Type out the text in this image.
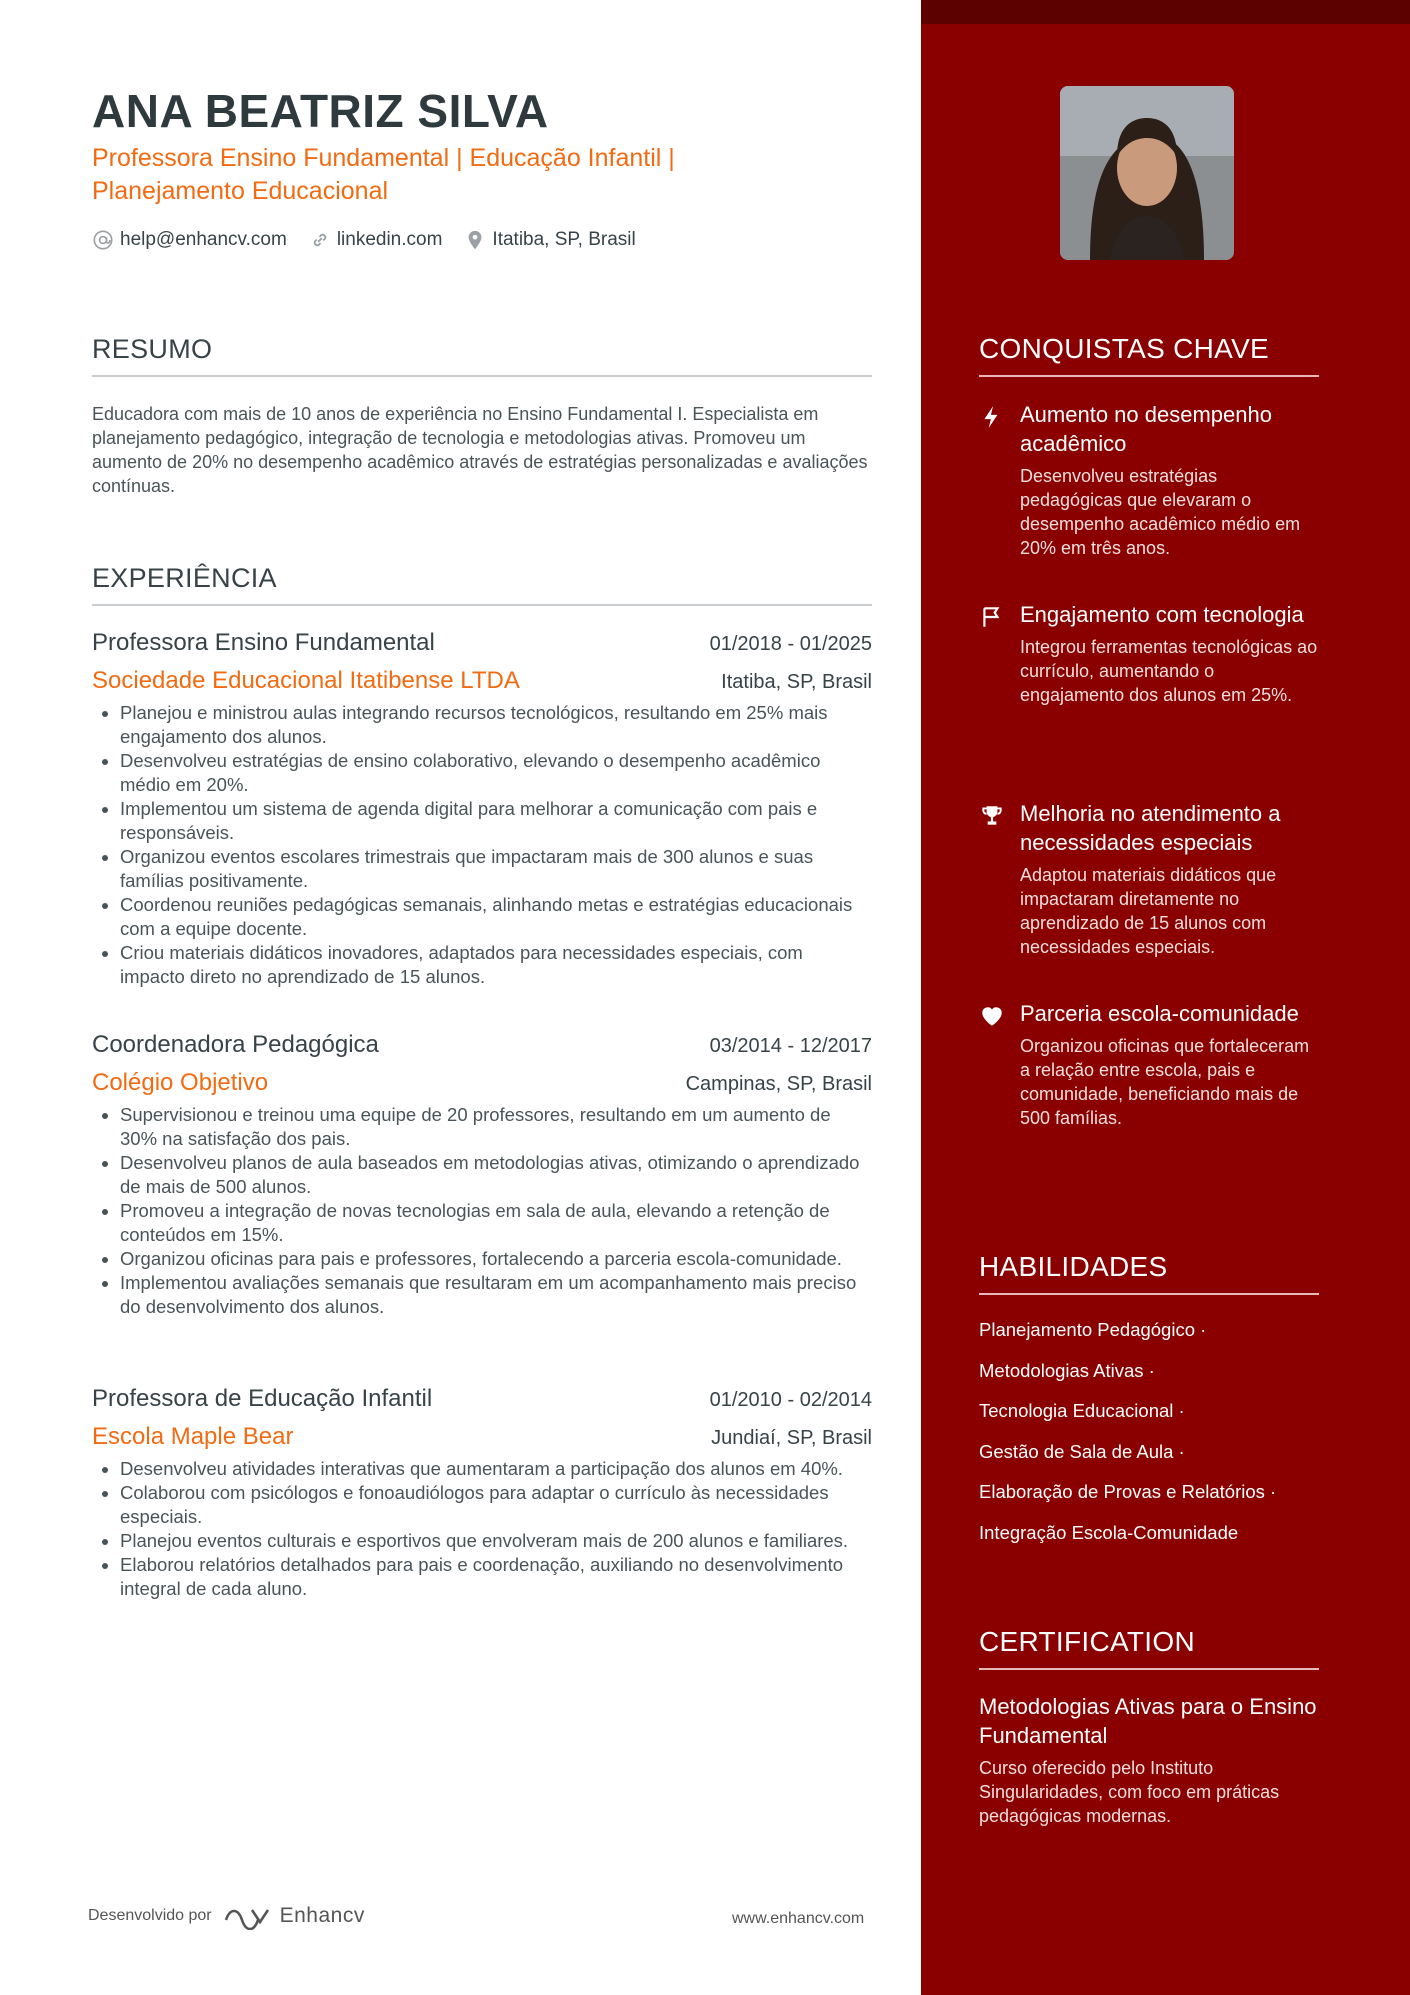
ANA BEATRIZ SILVA
Professora Ensino Fundamental | Educação Infantil | Planejamento Educacional
help@enhancv.com	linkedin.com	Itatiba, SP, Brasil
RESUMO
Educadora com mais de 10 anos de experiência no Ensino Fundamental I. Especialista em planejamento pedagógico, integração de tecnologia e metodologias ativas. Promoveu um aumento de 20% no desempenho acadêmico através de estratégias personalizadas e avaliações contínuas.
EXPERIÊNCIA
Professora Ensino Fundamental	01/2018 - 01/2025
Sociedade Educacional Itatibense LTDA	Itatiba, SP, Brasil
• Planejou e ministrou aulas integrando recursos tecnológicos, resultando em 25% mais engajamento dos alunos.
• Desenvolveu estratégias de ensino colaborativo, elevando o desempenho acadêmico médio em 20%.
• Implementou um sistema de agenda digital para melhorar a comunicação com pais e responsáveis.
• Organizou eventos escolares trimestrais que impactaram mais de 300 alunos e suas famílias positivamente.
• Coordenou reuniões pedagógicas semanais, alinhando metas e estratégias educacionais com a equipe docente.
• Criou materiais didáticos inovadores, adaptados para necessidades especiais, com impacto direto no aprendizado de 15 alunos.
Coordenadora Pedagógica	03/2014 - 12/2017
Colégio Objetivo	Campinas, SP, Brasil
• Supervisionou e treinou uma equipe de 20 professores, resultando em um aumento de 30% na satisfação dos pais.
• Desenvolveu planos de aula baseados em metodologias ativas, otimizando o aprendizado de mais de 500 alunos.
• Promoveu a integração de novas tecnologias em sala de aula, elevando a retenção de conteúdos em 15%.
• Organizou oficinas para pais e professores, fortalecendo a parceria escola-comunidade.
• Implementou avaliações semanais que resultaram em um acompanhamento mais preciso do desenvolvimento dos alunos.
Professora de Educação Infantil	01/2010 - 02/2014
Escola Maple Bear	Jundiaí, SP, Brasil
• Desenvolveu atividades interativas que aumentaram a participação dos alunos em 40%.
• Colaborou com psicólogos e fonoaudiólogos para adaptar o currículo às necessidades especiais.
• Planejou eventos culturais e esportivos que envolveram mais de 200 alunos e familiares.
• Elaborou relatórios detalhados para pais e coordenação, auxiliando no desenvolvimento integral de cada aluno.
Desenvolvido por	Enhancv	www.enhancv.com
CONQUISTAS CHAVE
Aumento no desempenho acadêmico
Desenvolveu estratégias pedagógicas que elevaram o desempenho acadêmico médio em 20% em três anos.
Engajamento com tecnologia
Integrou ferramentas tecnológicas ao currículo, aumentando o engajamento dos alunos em 25%.
Melhoria no atendimento a necessidades especiais
Adaptou materiais didáticos que impactaram diretamente no aprendizado de 15 alunos com necessidades especiais.
Parceria escola-comunidade
Organizou oficinas que fortaleceram a relação entre escola, pais e comunidade, beneficiando mais de 500 famílias.
HABILIDADES
Planejamento Pedagógico ·
Metodologias Ativas ·
Tecnologia Educacional ·
Gestão de Sala de Aula ·
Elaboração de Provas e Relatórios ·
Integração Escola-Comunidade
CERTIFICATION
Metodologias Ativas para o Ensino Fundamental
Curso oferecido pelo Instituto Singularidades, com foco em práticas pedagógicas modernas.
